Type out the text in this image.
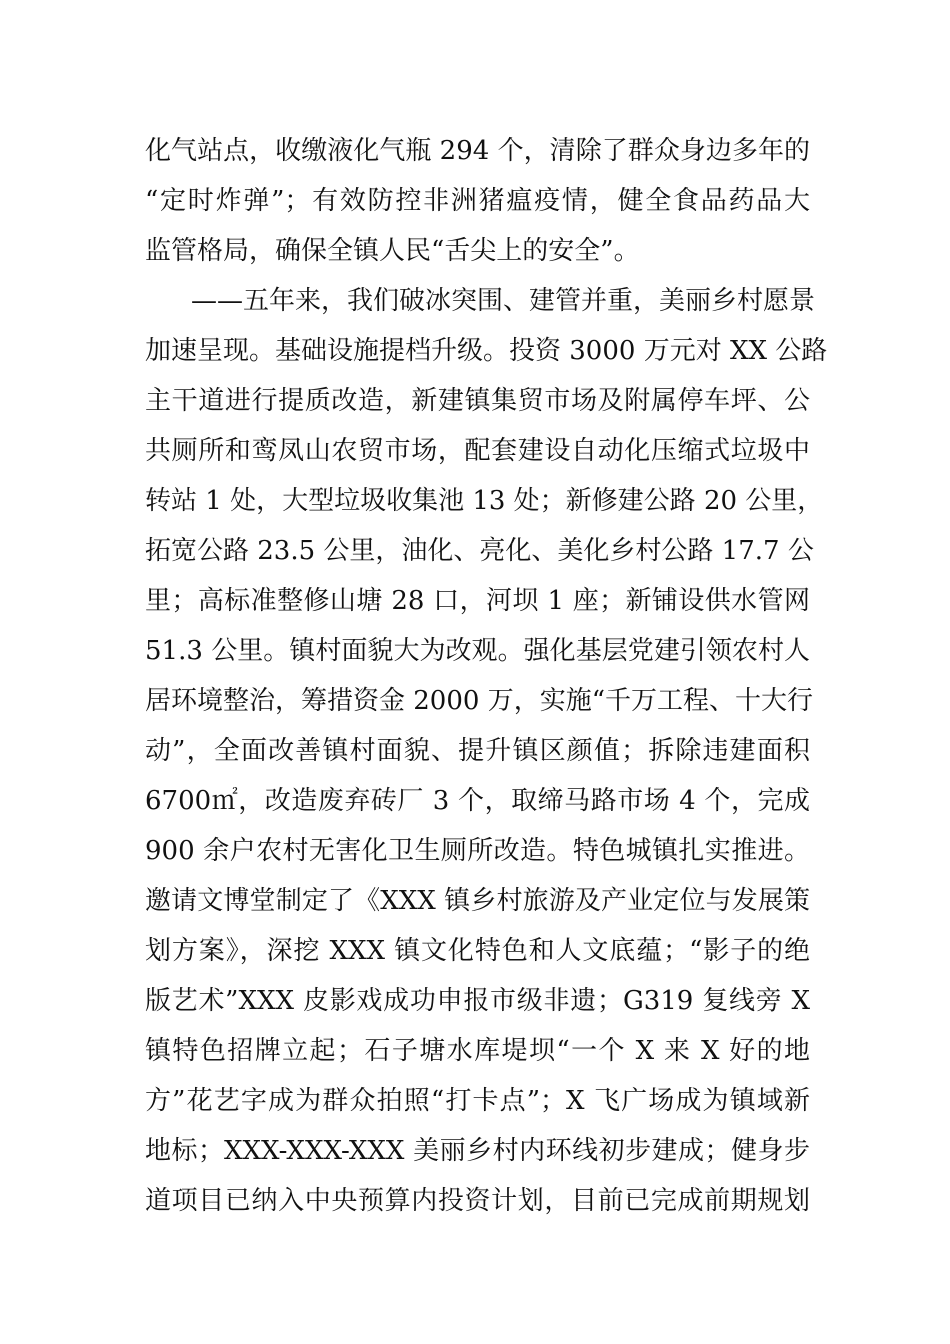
化气站点，收缴液化气瓶 294 个，清除了群众身边多年的
“定时炸弹”；有效防控非洲猪瘟疫情，健全食品药品大
监管格局，确保全镇人民“舌尖上的安全”。
——五年来，我们破冰突围、建管并重，美丽乡村愿景
加速呈现。基础设施提档升级。投资 3000 万元对 XX 公路
主干道进行提质改造，新建镇集贸市场及附属停车坪、公
共厕所和鸾凤山农贸市场，配套建设自动化压缩式垃圾中
转站 1 处，大型垃圾收集池 13 处；新修建公路 20 公里，
拓宽公路 23.5 公里，油化、亮化、美化乡村公路 17.7 公
里；高标准整修山塘 28 口，河坝 1 座；新铺设供水管网
51.3 公里。镇村面貌大为改观。强化基层党建引领农村人
居环境整治，筹措资金 2000 万，实施“千万工程、十大行
动”，全面改善镇村面貌、提升镇区颜值；拆除违建面积
6700㎡，改造废弃砖厂 3 个，取缔马路市场 4 个，完成
900 余户农村无害化卫生厕所改造。特色城镇扎实推进。
邀请文博堂制定了《XXX 镇乡村旅游及产业定位与发展策
划方案》，深挖 XXX 镇文化特色和人文底蕴；“影子的绝
版艺术”XXX 皮影戏成功申报市级非遗；G319 复线旁 X
镇特色招牌立起；石子塘水库堤坝“一个 X 来 X 好的地
方”花艺字成为群众拍照“打卡点”；X 飞广场成为镇域新
地标；XXX-XXX-XXX 美丽乡村内环线初步建成；健身步
道项目已纳入中央预算内投资计划，目前已完成前期规划
